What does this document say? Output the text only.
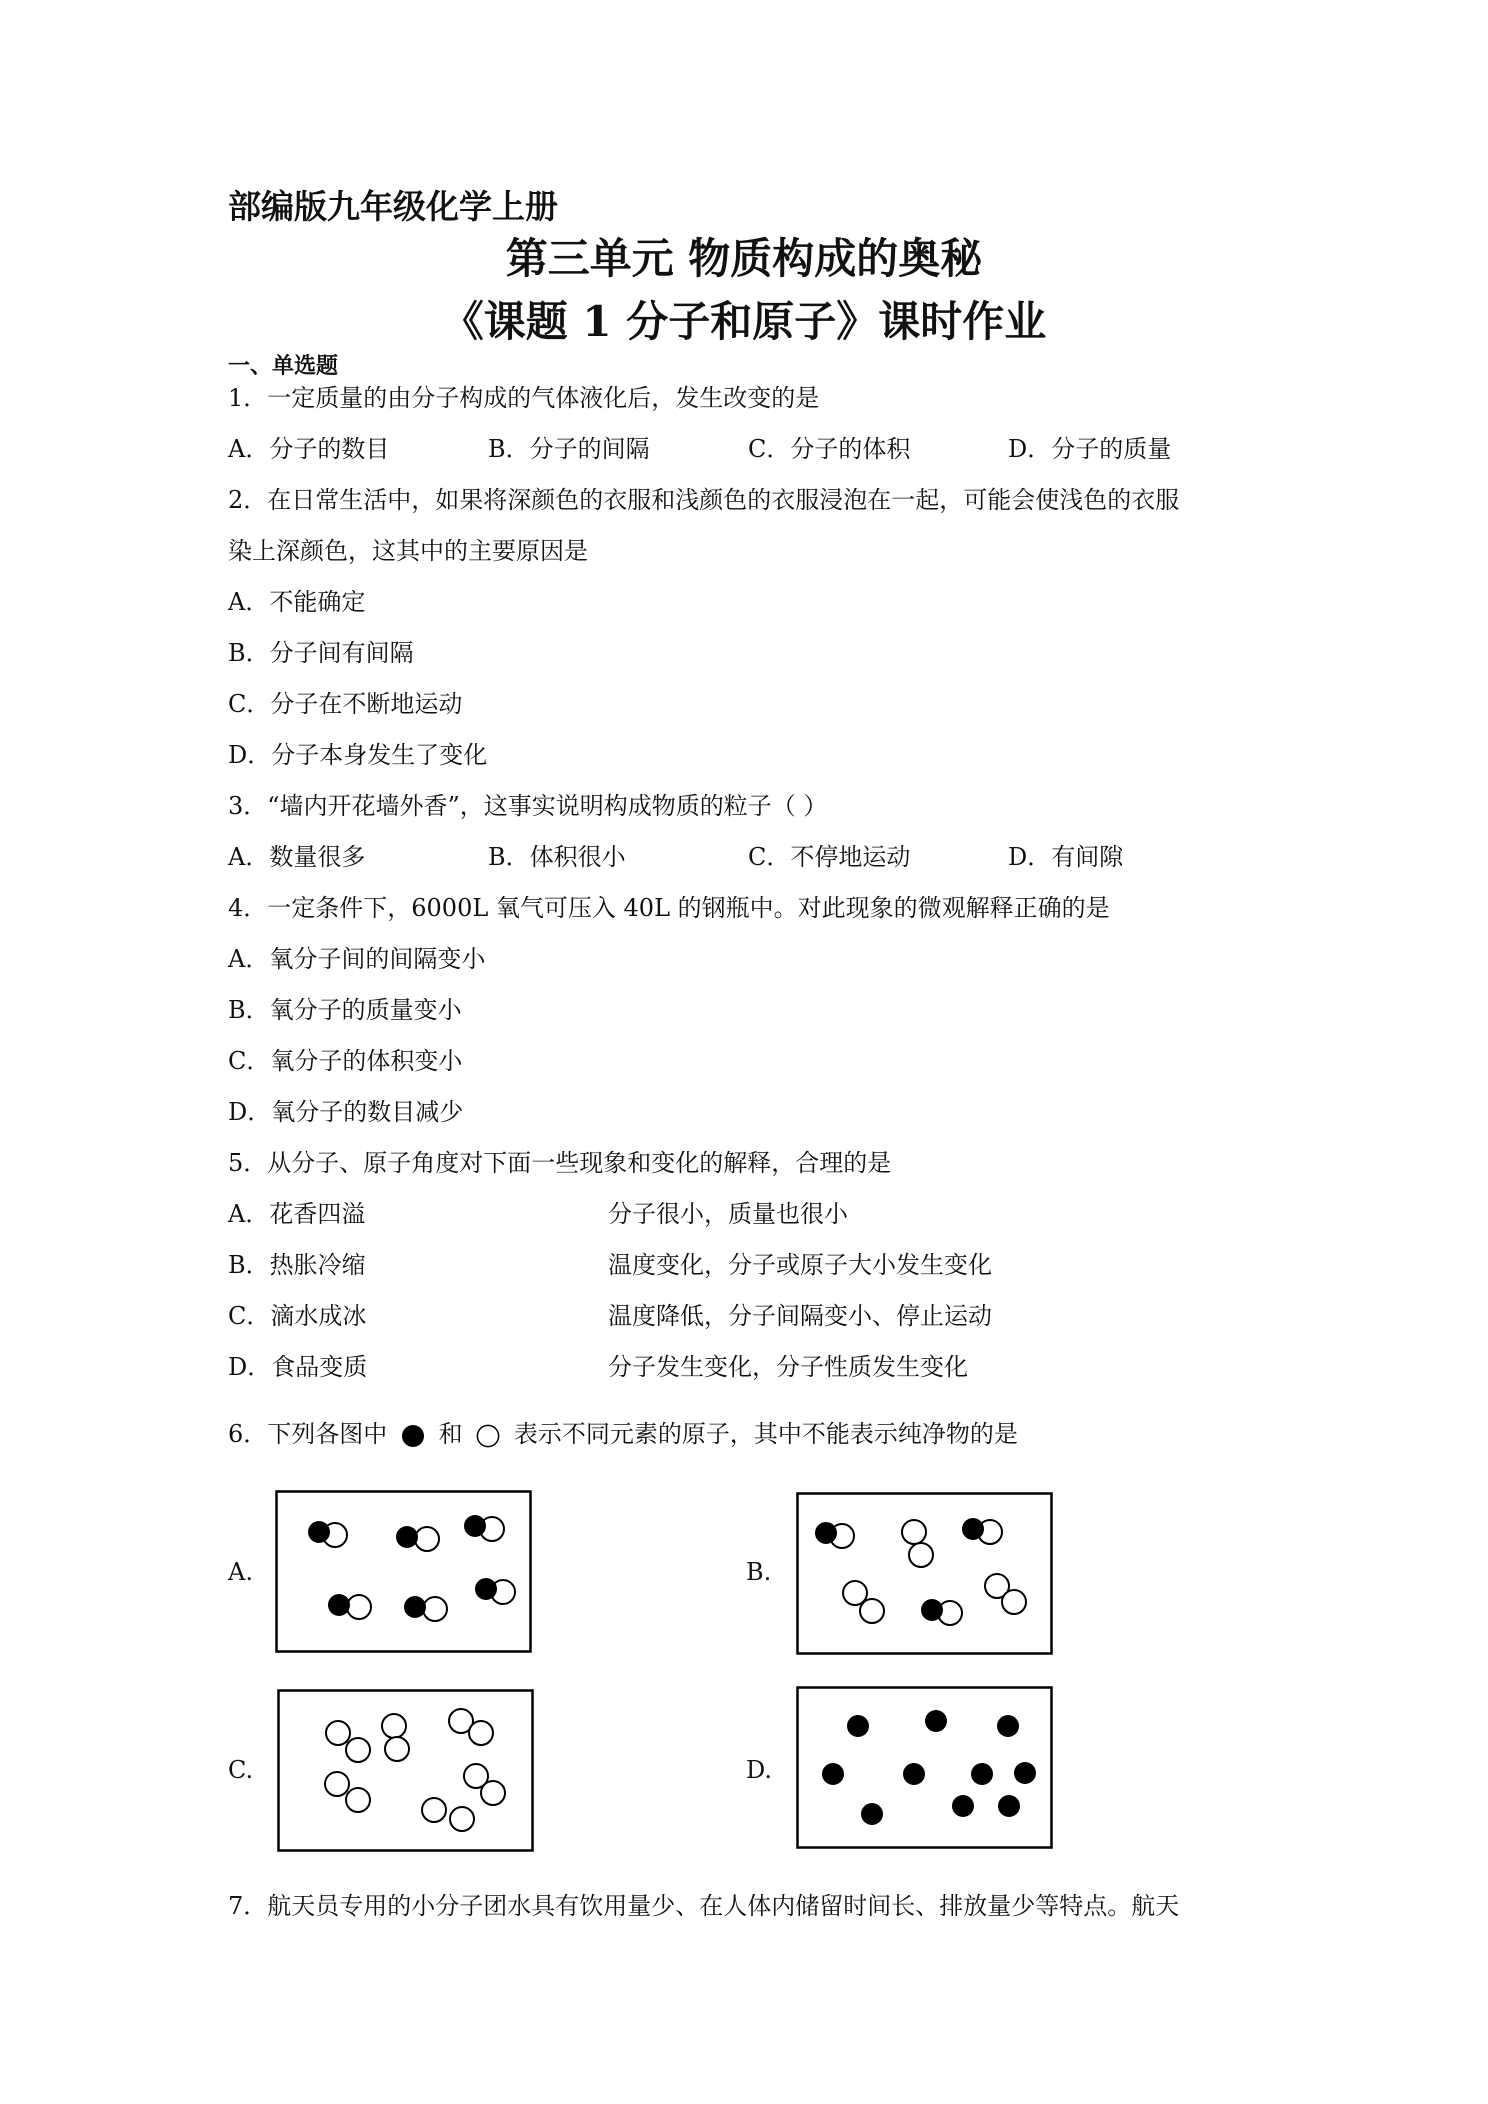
部编版九年级化学上册
第三单元 物质构成的奥秘
《课题 1 分子和原子》课时作业
一、单选题
1．一定质量的由分子构成的气体液化后，发生改变的是
A．分子的数目	B．分子的间隔	C．分子的体积	D．分子的质量
2．在日常生活中，如果将深颜色的衣服和浅颜色的衣服浸泡在一起，可能会使浅色的衣服
染上深颜色，这其中的主要原因是
A．不能确定
B．分子间有间隔
C．分子在不断地运动
D．分子本身发生了变化
3．“墙内开花墙外香”，这事实说明构成物质的粒子（ ）
A．数量很多	B．体积很小	C．不停地运动	D．有间隙
4．一定条件下，6000L 氧气可压入 40L 的钢瓶中。对此现象的微观解释正确的是
A．氧分子间的间隔变小
B．氧分子的质量变小
C．氧分子的体积变小
D．氧分子的数目减少
5．从分子、原子角度对下面一些现象和变化的解释，合理的是
A．花香四溢	分子很小，质量也很小
B．热胀冷缩	温度变化，分子或原子大小发生变化
C．滴水成冰	温度降低，分子间隔变小、停止运动
D．食品变质	分子发生变化，分子性质发生变化
6．下列各图中 和 表示不同元素的原子，其中不能表示纯净物的是
A.	B.
C.	D.
7．航天员专用的小分子团水具有饮用量少、在人体内储留时间长、排放量少等特点。航天
